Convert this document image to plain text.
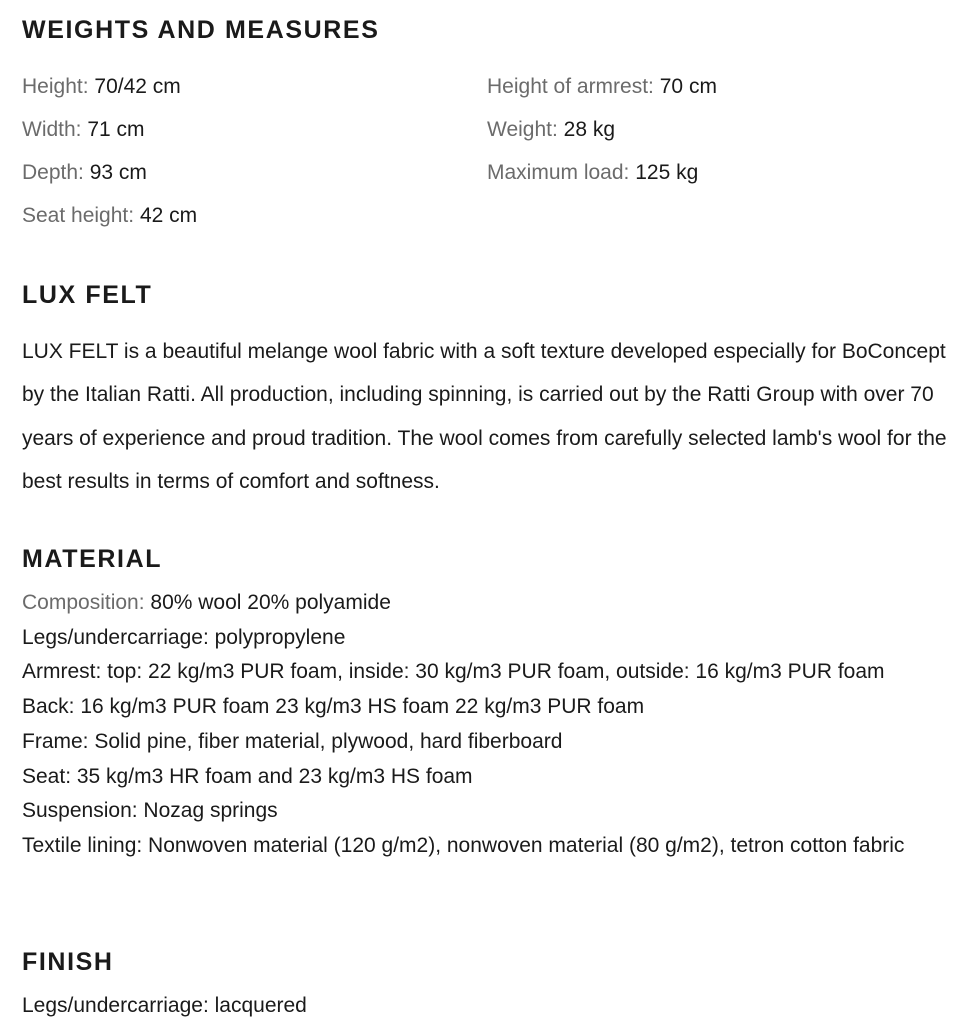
WEIGHTS AND MEASURES
Height: 70/42 cm
Width: 71 cm
Depth: 93 cm
Seat height: 42 cm
Height of armrest: 70 cm
Weight: 28 kg
Maximum load: 125 kg
LUX FELT

LUX FELT is a beautiful melange wool fabric with a soft texture developed especially for BoConcept by the Italian Ratti. All production, including spinning, is carried out by the Ratti Group with over 70 years of experience and proud tradition. The wool comes from carefully selected lamb's wool for the best results in terms of comfort and softness.

MATERIAL
Composition: 80% wool 20% polyamide
Legs/undercarriage: polypropylene
Armrest: top: 22 kg/m3 PUR foam, inside: 30 kg/m3 PUR foam, outside: 16 kg/m3 PUR foam
Back: 16 kg/m3 PUR foam 23 kg/m3 HS foam 22 kg/m3 PUR foam
Frame: Solid pine, fiber material, plywood, hard fiberboard
Seat: 35 kg/m3 HR foam and 23 kg/m3 HS foam
Suspension: Nozag springs
Textile lining: Nonwoven material (120 g/m2), nonwoven material (80 g/m2), tetron cotton fabric
FINISH
Legs/undercarriage: lacquered
